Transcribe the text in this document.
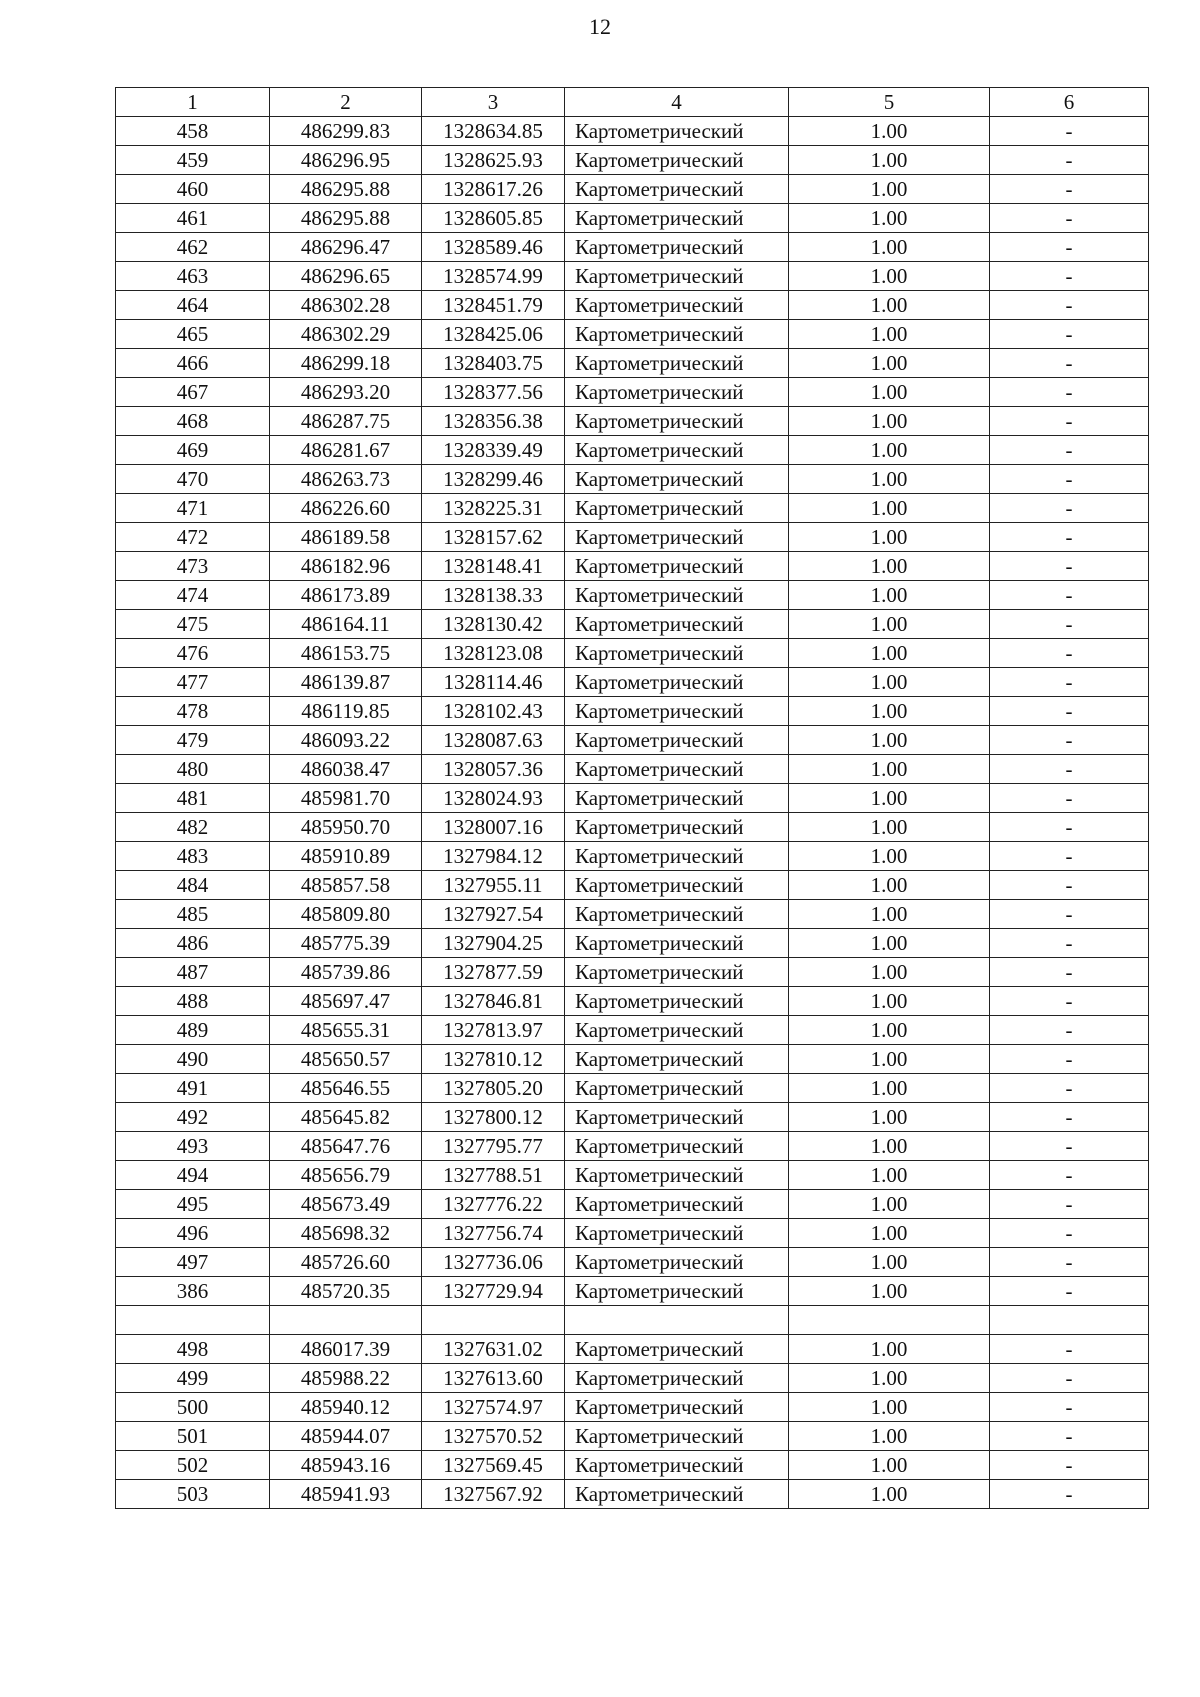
12
1	2	3	4	5	6
458	486299.83	1328634.85	Картометрический	1.00	-
459	486296.95	1328625.93	Картометрический	1.00	-
460	486295.88	1328617.26	Картометрический	1.00	-
461	486295.88	1328605.85	Картометрический	1.00	-
462	486296.47	1328589.46	Картометрический	1.00	-
463	486296.65	1328574.99	Картометрический	1.00	-
464	486302.28	1328451.79	Картометрический	1.00	-
465	486302.29	1328425.06	Картометрический	1.00	-
466	486299.18	1328403.75	Картометрический	1.00	-
467	486293.20	1328377.56	Картометрический	1.00	-
468	486287.75	1328356.38	Картометрический	1.00	-
469	486281.67	1328339.49	Картометрический	1.00	-
470	486263.73	1328299.46	Картометрический	1.00	-
471	486226.60	1328225.31	Картометрический	1.00	-
472	486189.58	1328157.62	Картометрический	1.00	-
473	486182.96	1328148.41	Картометрический	1.00	-
474	486173.89	1328138.33	Картометрический	1.00	-
475	486164.11	1328130.42	Картометрический	1.00	-
476	486153.75	1328123.08	Картометрический	1.00	-
477	486139.87	1328114.46	Картометрический	1.00	-
478	486119.85	1328102.43	Картометрический	1.00	-
479	486093.22	1328087.63	Картометрический	1.00	-
480	486038.47	1328057.36	Картометрический	1.00	-
481	485981.70	1328024.93	Картометрический	1.00	-
482	485950.70	1328007.16	Картометрический	1.00	-
483	485910.89	1327984.12	Картометрический	1.00	-
484	485857.58	1327955.11	Картометрический	1.00	-
485	485809.80	1327927.54	Картометрический	1.00	-
486	485775.39	1327904.25	Картометрический	1.00	-
487	485739.86	1327877.59	Картометрический	1.00	-
488	485697.47	1327846.81	Картометрический	1.00	-
489	485655.31	1327813.97	Картометрический	1.00	-
490	485650.57	1327810.12	Картометрический	1.00	-
491	485646.55	1327805.20	Картометрический	1.00	-
492	485645.82	1327800.12	Картометрический	1.00	-
493	485647.76	1327795.77	Картометрический	1.00	-
494	485656.79	1327788.51	Картометрический	1.00	-
495	485673.49	1327776.22	Картометрический	1.00	-
496	485698.32	1327756.74	Картометрический	1.00	-
497	485726.60	1327736.06	Картометрический	1.00	-
386	485720.35	1327729.94	Картометрический	1.00	-

498	486017.39	1327631.02	Картометрический	1.00	-
499	485988.22	1327613.60	Картометрический	1.00	-
500	485940.12	1327574.97	Картометрический	1.00	-
501	485944.07	1327570.52	Картометрический	1.00	-
502	485943.16	1327569.45	Картометрический	1.00	-
503	485941.93	1327567.92	Картометрический	1.00	-
